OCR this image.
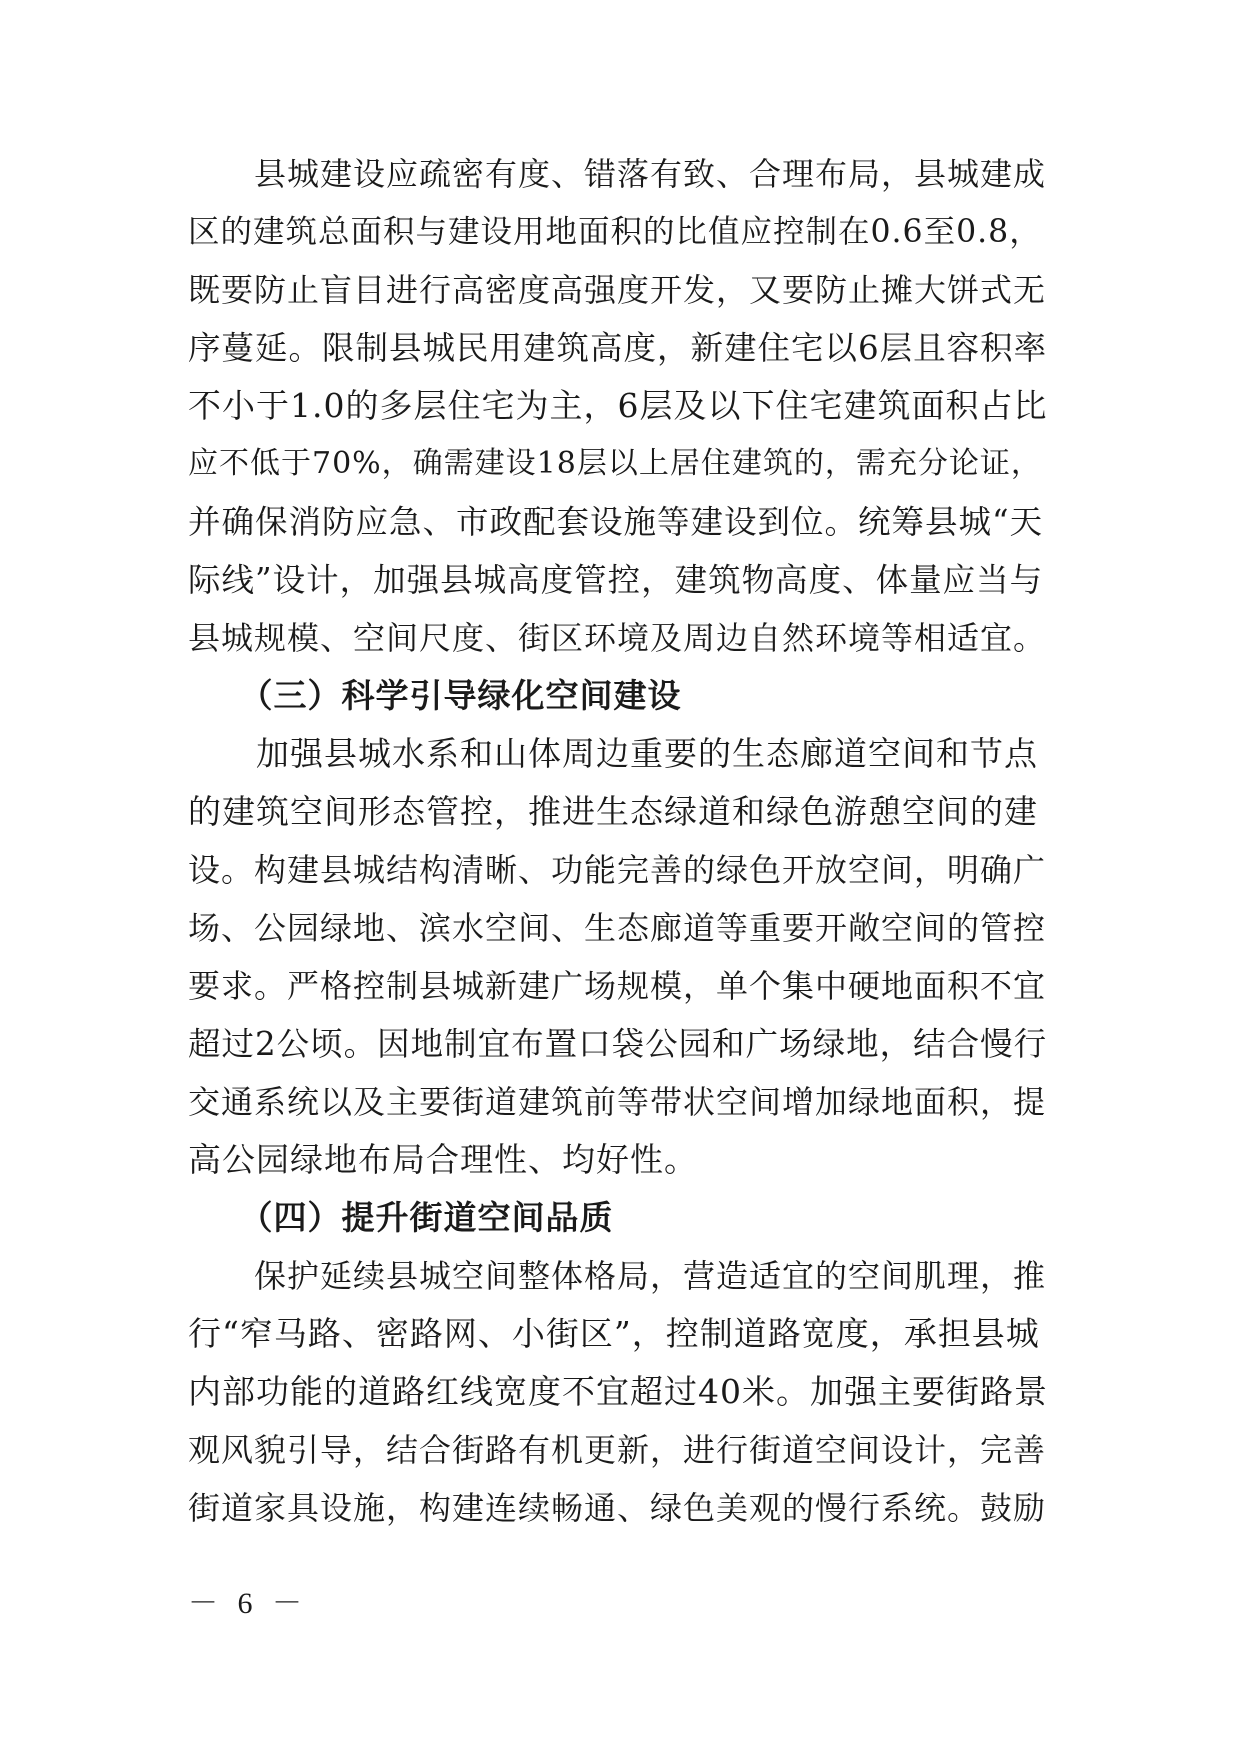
　　县城建设应疏密有度、错落有致、合理布局，县城建成
区的建筑总面积与建设用地面积的比值应控制在0.6至0.8，
既要防止盲目进行高密度高强度开发，又要防止摊大饼式无
序蔓延。限制县城民用建筑高度，新建住宅以6层且容积率
不小于1.0的多层住宅为主，6层及以下住宅建筑面积占比
应不低于70%，确需建设18层以上居住建筑的，需充分论证，
并确保消防应急、市政配套设施等建设到位。统筹县城“天
际线”设计，加强县城高度管控，建筑物高度、体量应当与
县城规模、空间尺度、街区环境及周边自然环境等相适宜。
　　（三）科学引导绿化空间建设
　　加强县城水系和山体周边重要的生态廊道空间和节点
的建筑空间形态管控，推进生态绿道和绿色游憩空间的建
设。构建县城结构清晰、功能完善的绿色开放空间，明确广
场、公园绿地、滨水空间、生态廊道等重要开敞空间的管控
要求。严格控制县城新建广场规模，单个集中硬地面积不宜
超过2公顷。因地制宜布置口袋公园和广场绿地，结合慢行
交通系统以及主要街道建筑前等带状空间增加绿地面积，提
高公园绿地布局合理性、均好性。
　　（四）提升街道空间品质
　　保护延续县城空间整体格局，营造适宜的空间肌理，推
行“窄马路、密路网、小街区”，控制道路宽度，承担县城
内部功能的道路红线宽度不宜超过40米。加强主要街路景
观风貌引导，结合街路有机更新，进行街道空间设计，完善
街道家具设施，构建连续畅通、绿色美观的慢行系统。鼓励
－ 6 －
